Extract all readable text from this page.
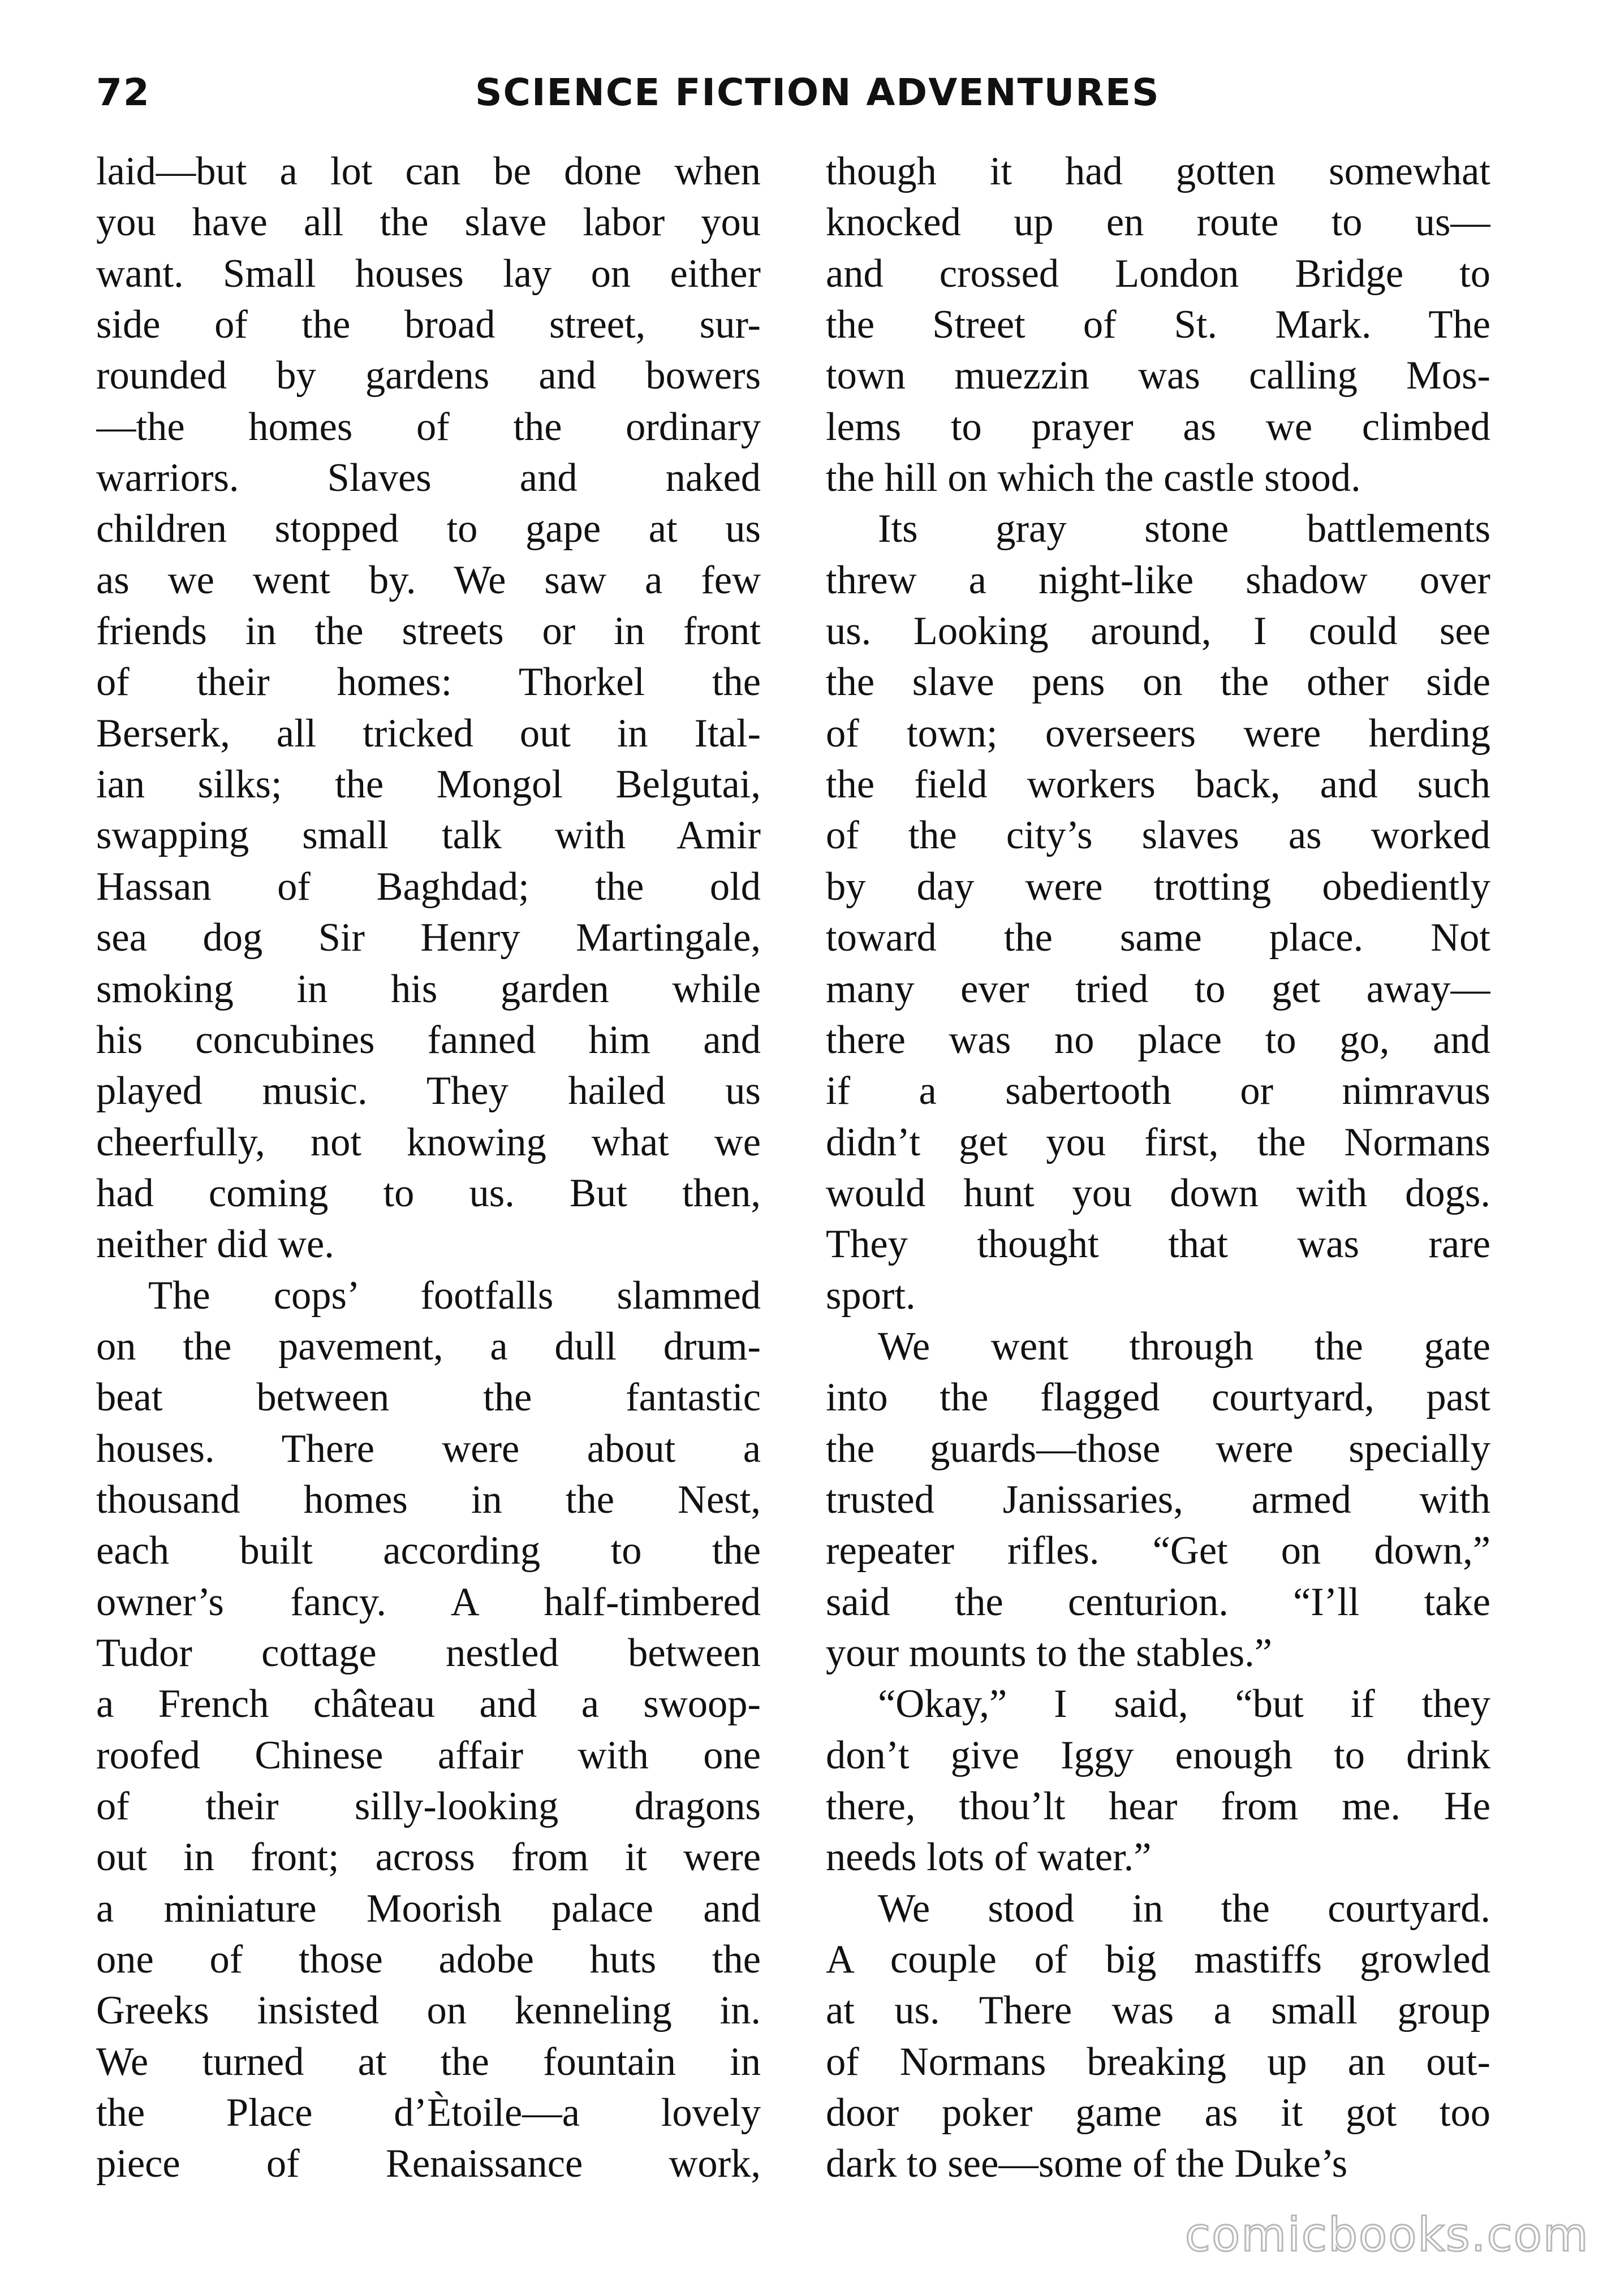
72	SCIENCE FICTION ADVENTURES
laid—but a lot can be done when
you have all the slave labor you
want. Small houses lay on either
side of the broad street, sur-
rounded by gardens and bowers
—the homes of the ordinary
warriors. Slaves and naked
children stopped to gape at us
as we went by. We saw a few
friends in the streets or in front
of their homes: Thorkel the
Berserk, all tricked out in Ital-
ian silks; the Mongol Belgutai,
swapping small talk with Amir
Hassan of Baghdad; the old
sea dog Sir Henry Martingale,
smoking in his garden while
his concubines fanned him and
played music. They hailed us
cheerfully, not knowing what we
had coming to us. But then,
neither did we.
The cops’ footfalls slammed
on the pavement, a dull drum-
beat between the fantastic
houses. There were about a
thousand homes in the Nest,
each built according to the
owner’s fancy. A half-timbered
Tudor cottage nestled between
a French château and a swoop-
roofed Chinese affair with one
of their silly-looking dragons
out in front; across from it were
a miniature Moorish palace and
one of those adobe huts the
Greeks insisted on kenneling in.
We turned at the fountain in
the Place d’Ètoile—a lovely
piece of Renaissance work,
though it had gotten somewhat
knocked up en route to us—
and crossed London Bridge to
the Street of St. Mark. The
town muezzin was calling Mos-
lems to prayer as we climbed
the hill on which the castle stood.
Its gray stone battlements
threw a night-like shadow over
us. Looking around, I could see
the slave pens on the other side
of town; overseers were herding
the field workers back, and such
of the city’s slaves as worked
by day were trotting obediently
toward the same place. Not
many ever tried to get away—
there was no place to go, and
if a sabertooth or nimravus
didn’t get you first, the Normans
would hunt you down with dogs.
They thought that was rare
sport.
We went through the gate
into the flagged courtyard, past
the guards—those were specially
trusted Janissaries, armed with
repeater rifles. “Get on down,”
said the centurion. “I’ll take
your mounts to the stables.”
“Okay,” I said, “but if they
don’t give Iggy enough to drink
there, thou’lt hear from me. He
needs lots of water.”
We stood in the courtyard.
A couple of big mastiffs growled
at us. There was a small group
of Normans breaking up an out-
door poker game as it got too
dark to see—some of the Duke’s
comicbooks.com
